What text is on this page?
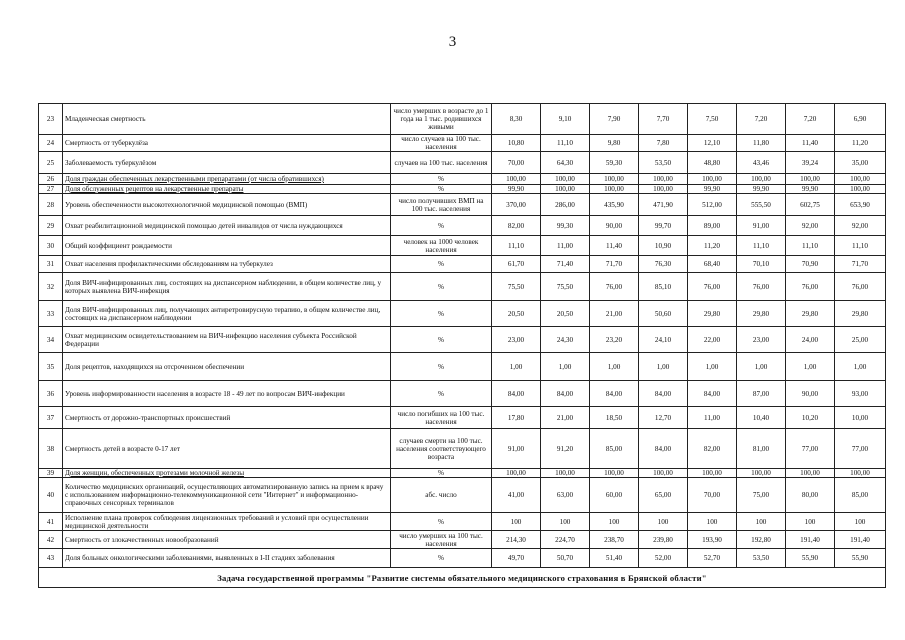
3
23	Младенческая смертность	число умерших в возрасте до 1 года на 1 тыс. родившихся живыми	8,30	9,10	7,90	7,70	7,50	7,20	7,20	6,90
24	Смертность от туберкулёза	число случаев на 100 тыс. населения	10,80	11,10	9,80	7,80	12,10	11,80	11,40	11,20
25	Заболеваемость туберкулёзом	случаев на 100 тыс. населения	70,00	64,30	59,30	53,50	48,80	43,46	39,24	35,00
26	Доля граждан обеспеченных лекарственными препаратами (от числа обратившихся)	%	100,00	100,00	100,00	100,00	100,00	100,00	100,00	100,00
27	Доля обслуженных рецептов на лекарственные препараты	%	99,90	100,00	100,00	100,00	99,90	99,90	99,90	100,00
28	Уровень обеспеченности высокотехнологичной медицинской помощью (ВМП)	число получивших ВМП на 100 тыс. населения	370,00	286,00	435,90	471,90	512,00	555,50	602,75	653,90
29	Охват реабилитационной медицинской помощью детей инвалидов от числа нуждающихся	%	82,00	99,30	90,00	99,70	89,00	91,00	92,00	92,00
30	Общий коэффициент рождаемости	человек на 1000 человек населения	11,10	11,00	11,40	10,90	11,20	11,10	11,10	11,10
31	Охват населения профилактическими обследованиям на туберкулез	%	61,70	71,40	71,70	76,30	68,40	70,10	70,90	71,70
32	Доля ВИЧ-инфицированных лиц, состоящих на диспансерном наблюдении, в общем количестве лиц, у которых выявлена ВИЧ-инфекция	%	75,50	75,50	76,00	85,10	76,00	76,00	76,00	76,00
33	Доля ВИЧ-инфицированных лиц, получающих антиретровирусную терапию, в общем количестве лиц, состоящих на диспансерном наблюдении	%	20,50	20,50	21,00	50,60	29,80	29,80	29,80	29,80
34	Охват медицинским освидетельствованием на ВИЧ-инфекцию населения субъекта Российской Федерации	%	23,00	24,30	23,20	24,10	22,00	23,00	24,00	25,00
35	Доля рецептов, находящихся на отсроченном обеспечении	%	1,00	1,00	1,00	1,00	1,00	1,00	1,00	1,00
36	Уровень информированности населения в возрасте 18 - 49 лет по вопросам ВИЧ-инфекции	%	84,00	84,00	84,00	84,00	84,00	87,00	90,00	93,00
37	Смертность от дорожно-транспортных происшествий	число погибших на 100 тыс. населения	17,80	21,00	18,50	12,70	11,00	10,40	10,20	10,00
38	Смертность детей в возрасте 0-17 лет	случаев смерти на 100 тыс. населения соответствующего возраста	91,00	91,20	85,00	84,00	82,00	81,00	77,00	77,00
39	Доля женщин, обеспеченных протезами молочной железы	%	100,00	100,00	100,00	100,00	100,00	100,00	100,00	100,00
40	Количество медицинских организаций, осуществляющих автоматизированную запись на прием к врачу с использованием информационно-телекоммуникационной сети "Интернет" и информационно-справочных сенсорных терминалов	абс. число	41,00	63,00	60,00	65,00	70,00	75,00	80,00	85,00
41	Исполнение плана проверок соблюдения лицензионных требований и условий при осуществлении медицинской деятельности	%	100	100	100	100	100	100	100	100
42	Смертность от злокачественных новообразований	число умерших на 100 тыс. населения	214,30	224,70	238,70	239,80	193,90	192,80	191,40	191,40
43	Доля больных онкологическими заболеваниями, выявленных в I-II стадиях заболевания	%	49,70	50,70	51,40	52,00	52,70	53,50	55,90	55,90
Задача государственной программы "Развитие системы обязательного медицинского страхования в Брянской области"										
